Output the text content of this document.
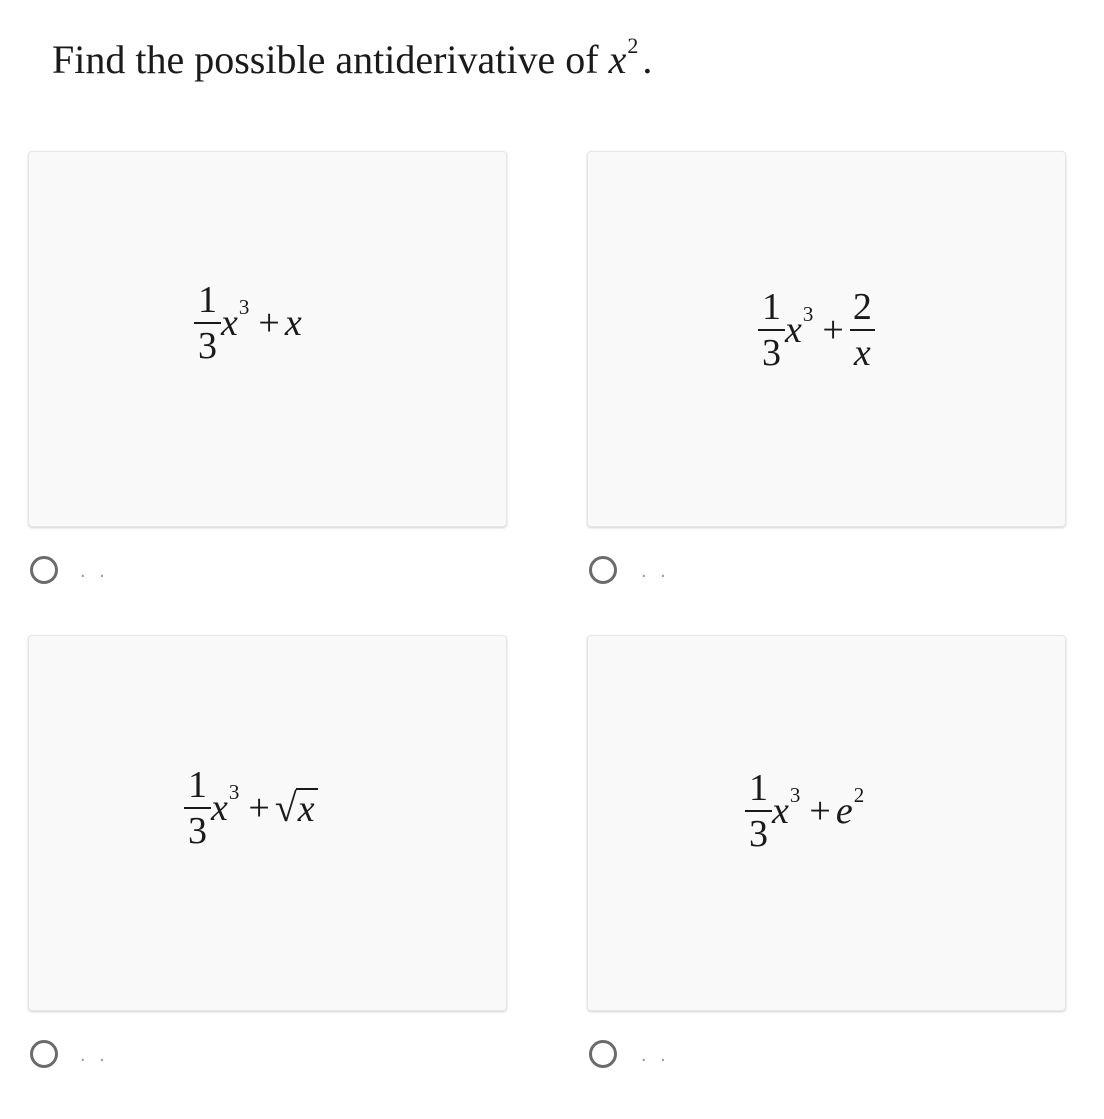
Find the possible antiderivative of $x^2$ .
$\frac{1}{3}$ x 3 + x
. .
$\frac{1}{3}$ x $3 + \frac{2}{x}$
. .
$\frac{1}{3}$ x 3 + √ x
. .
$\frac{1}{3}$ x 3 + e 2
. .
